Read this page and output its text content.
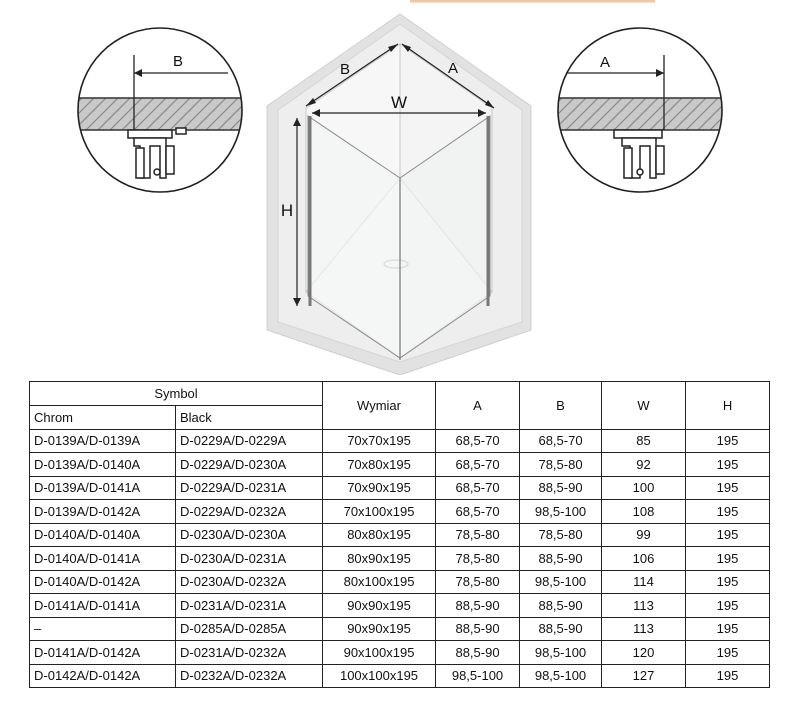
B	A
B	A
W
H
Symbol		Wymiar	A	B	W	H
Chrom	Black					
D-0139A/D-0139A	D-0229A/D-0229A	70x70x195	68,5-70	68,5-70	85	195
D-0139A/D-0140A	D-0229A/D-0230A	70x80x195	68,5-70	78,5-80	92	195
D-0139A/D-0141A	D-0229A/D-0231A	70x90x195	68,5-70	88,5-90	100	195
D-0139A/D-0142A	D-0229A/D-0232A	70x100x195	68,5-70	98,5-100	108	195
D-0140A/D-0140A	D-0230A/D-0230A	80x80x195	78,5-80	78,5-80	99	195
D-0140A/D-0141A	D-0230A/D-0231A	80x90x195	78,5-80	88,5-90	106	195
D-0140A/D-0142A	D-0230A/D-0232A	80x100x195	78,5-80	98,5-100	114	195
D-0141A/D-0141A	D-0231A/D-0231A	90x90x195	88,5-90	88,5-90	113	195
–	D-0285A/D-0285A	90x90x195	88,5-90	88,5-90	113	195
D-0141A/D-0142A	D-0231A/D-0232A	90x100x195	88,5-90	98,5-100	120	195
D-0142A/D-0142A	D-0232A/D-0232A	100x100x195	98,5-100	98,5-100	127	195
